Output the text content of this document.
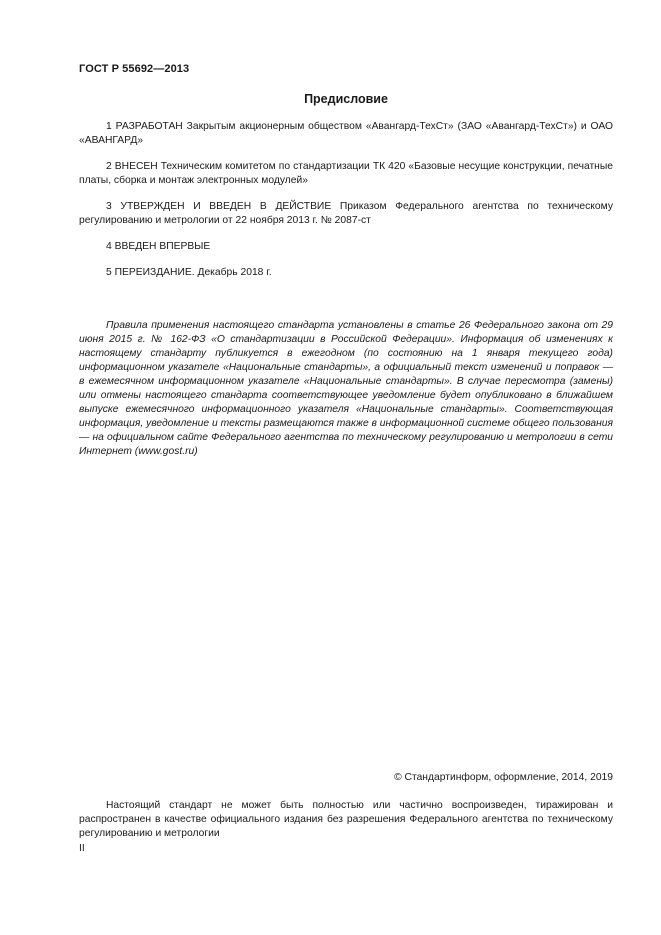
ГОСТ Р 55692—2013
Предисловие

1 РАЗРАБОТАН Закрытым акционерным обществом «Авангард-ТехСт» (ЗАО «Авангард-ТехСт») и ОАО «АВАНГАРД»

2 ВНЕСЕН Техническим комитетом по стандартизации ТК 420 «Базовые несущие конструкции, печатные платы, сборка и монтаж электронных модулей»

3 УТВЕРЖДЕН И ВВЕДЕН В ДЕЙСТВИЕ Приказом Федерального агентства по техническому регулированию и метрологии от 22 ноября 2013 г. № 2087-ст

4 ВВЕДЕН ВПЕРВЫЕ

5 ПЕРЕИЗДАНИЕ. Декабрь 2018 г.

Правила применения настоящего стандарта установлены в статье 26 Федерального закона от 29 июня 2015 г. № 162-ФЗ «О стандартизации в Российской Федерации». Информация об изменениях к настоящему стандарту публикуется в ежегодном (по состоянию на 1 января текущего года) информационном указателе «Национальные стандарты», а официальный текст изменений и поправок — в ежемесячном информационном указателе «Национальные стандарты». В случае пересмотра (замены) или отмены настоящего стандарта соответствующее уведомление будет опубликовано в ближайшем выпуске ежемесячного информационного указателя «Национальные стандарты». Соответствующая информация, уведомление и тексты размещаются также в информационной системе общего пользования — на официальном сайте Федерального агентства по техническому регулированию и метрологии в сети Интернет (www.gost.ru)

© Стандартинформ, оформление, 2014, 2019

Настоящий стандарт не может быть полностью или частично воспроизведен, тиражирован и распространен в качестве официального издания без разрешения Федерального агентства по техническому регулированию и метрологии

II
